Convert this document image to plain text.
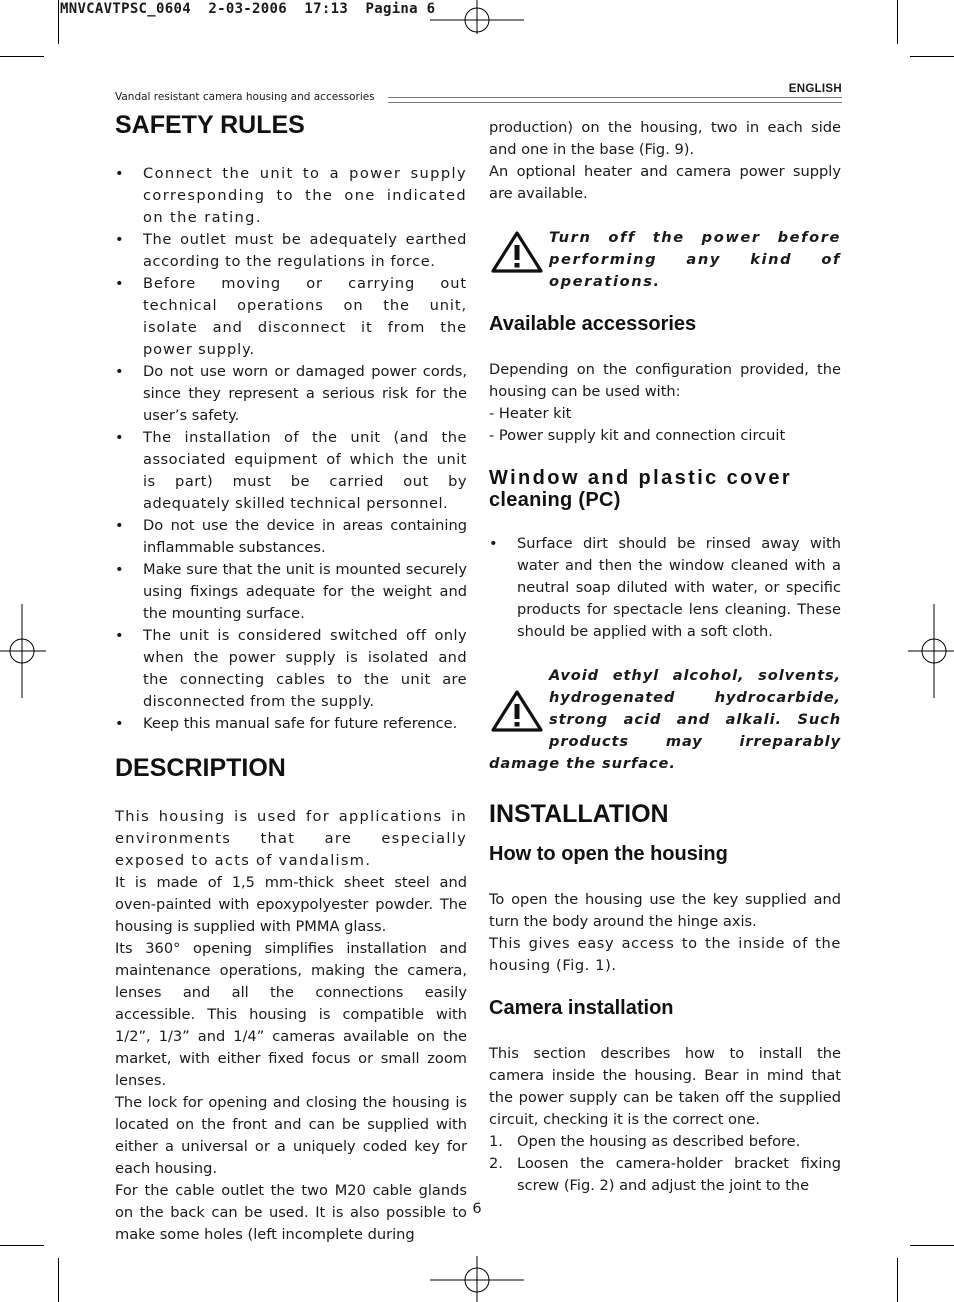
MNVCAVTPSC_0604  2-03-2006  17:13  Pagina 6
Vandal resistant camera housing and accessories
ENGLISH
SAFETY RULES
• Connect the unit to a power supply corresponding to the one indicated on the rating.
• The outlet must be adequately earthed according to the regulations in force.
• Before moving or carrying out technical operations on the unit, isolate and disconnect it from the power supply.
• Do not use worn or damaged power cords, since they represent a serious risk for the user’s safety.
• The installation of the unit (and the associated equipment of which the unit is part) must be carried out by adequately skilled technical personnel.
• Do not use the device in areas containing inflammable substances.
• Make sure that the unit is mounted securely using fixings adequate for the weight and the mounting surface.
• The unit is considered switched off only when the power supply is isolated and the connecting cables to the unit are disconnected from the supply.
• Keep this manual safe for future reference.
DESCRIPTION

This housing is used for applications in environments that are especially exposed to acts of vandalism.

It is made of 1,5 mm-thick sheet steel and oven-painted with epoxypolyester powder. The housing is supplied with PMMA glass.

Its 360° opening simplifies installation and maintenance operations, making the camera, lenses and all the connections easily accessible. This housing is compatible with 1/2”, 1/3” and 1/4” cameras available on the market, with either fixed focus or small zoom lenses.

The lock for opening and closing the housing is located on the front and can be supplied with either a universal or a uniquely coded key for each housing.

For the cable outlet the two M20 cable glands on the back can be used. It is also possible to make some holes (left incomplete during

production) on the housing, two in each side and one in the base (Fig. 9).

An optional heater and camera power supply are available.

Turn off the power before performing any kind of operations.
Available accessories

Depending on the configuration provided, the housing can be used with:

- Heater kit
- Power supply kit and connection circuit
Window and plastic cover
cleaning (PC)
• Surface dirt should be rinsed away with water and then the window cleaned with a neutral soap diluted with water, or specific products for spectacle lens cleaning. These should be applied with a soft cloth.
Avoid ethyl alcohol, solvents, hydrogenated hydrocarbide, strong acid and alkali. Such products may irreparably damage the surface.
INSTALLATION
How to open the housing

To open the housing use the key supplied and turn the body around the hinge axis.

This gives easy access to the inside of the housing (Fig. 1).

Camera installation

This section describes how to install the camera inside the housing. Bear in mind that the power supply can be taken off the supplied circuit, checking it is the correct one.

1. Open the housing as described before.
2. Loosen the camera-holder bracket fixing screw (Fig. 2) and adjust the joint to the
6
